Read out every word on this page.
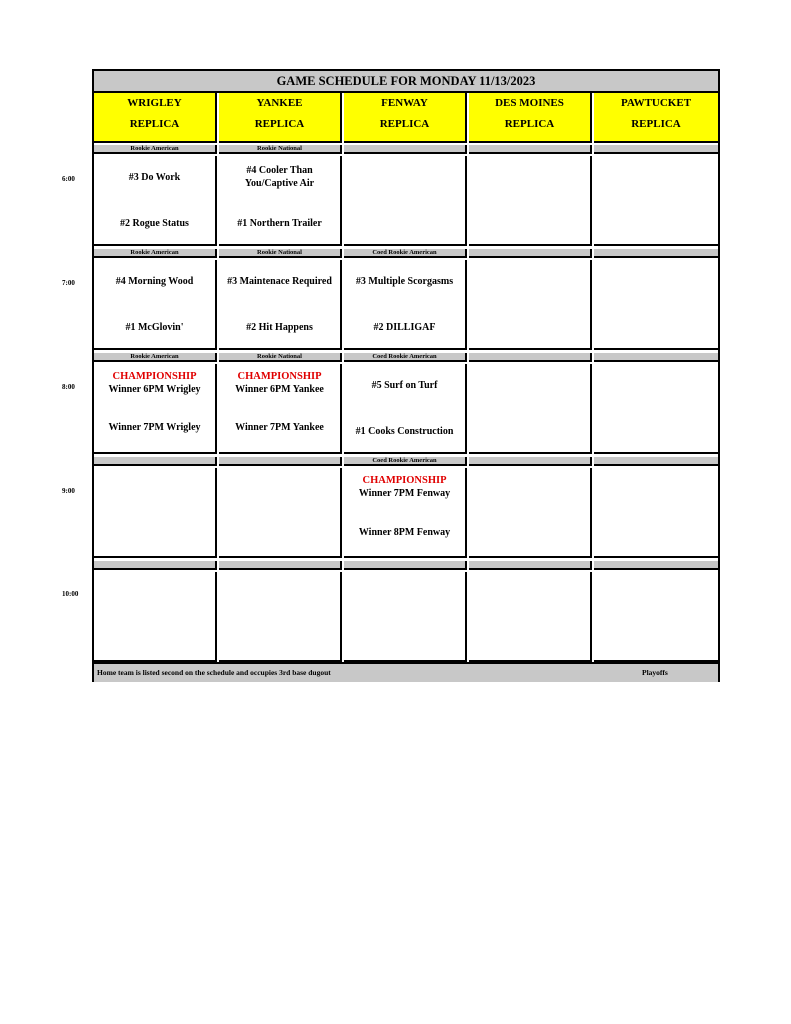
GAME SCHEDULE FOR MONDAY 11/13/2023
WRIGLEY
REPLICA
YANKEE
REPLICA
FENWAY
REPLICA
DES MOINES
REPLICA
PAWTUCKET
REPLICA
Rookie American
#3 Do Work
#2 Rogue Status
Rookie National
#4 Cooler Than You/Captive Air
#1 Northern Trailer
Rookie American
#4 Morning Wood
#1 McGlovin'
Rookie National
#3 Maintenace Required
#2 Hit Happens
Coed Rookie American
#3 Multiple Scorgasms
#2 DILLIGAF
Rookie American
CHAMPIONSHIP
Winner 6PM Wrigley
Winner 7PM Wrigley
Rookie National
CHAMPIONSHIP
Winner 6PM Yankee
Winner 7PM Yankee
Coed Rookie American
#5 Surf on Turf
#1 Cooks Construction
Coed Rookie American
CHAMPIONSHIP
Winner 7PM Fenway
Winner 8PM Fenway
Home team is listed second on the schedule and occupies 3rd base dugout	Playoffs
6:00
7:00
8:00
9:00
10:00
